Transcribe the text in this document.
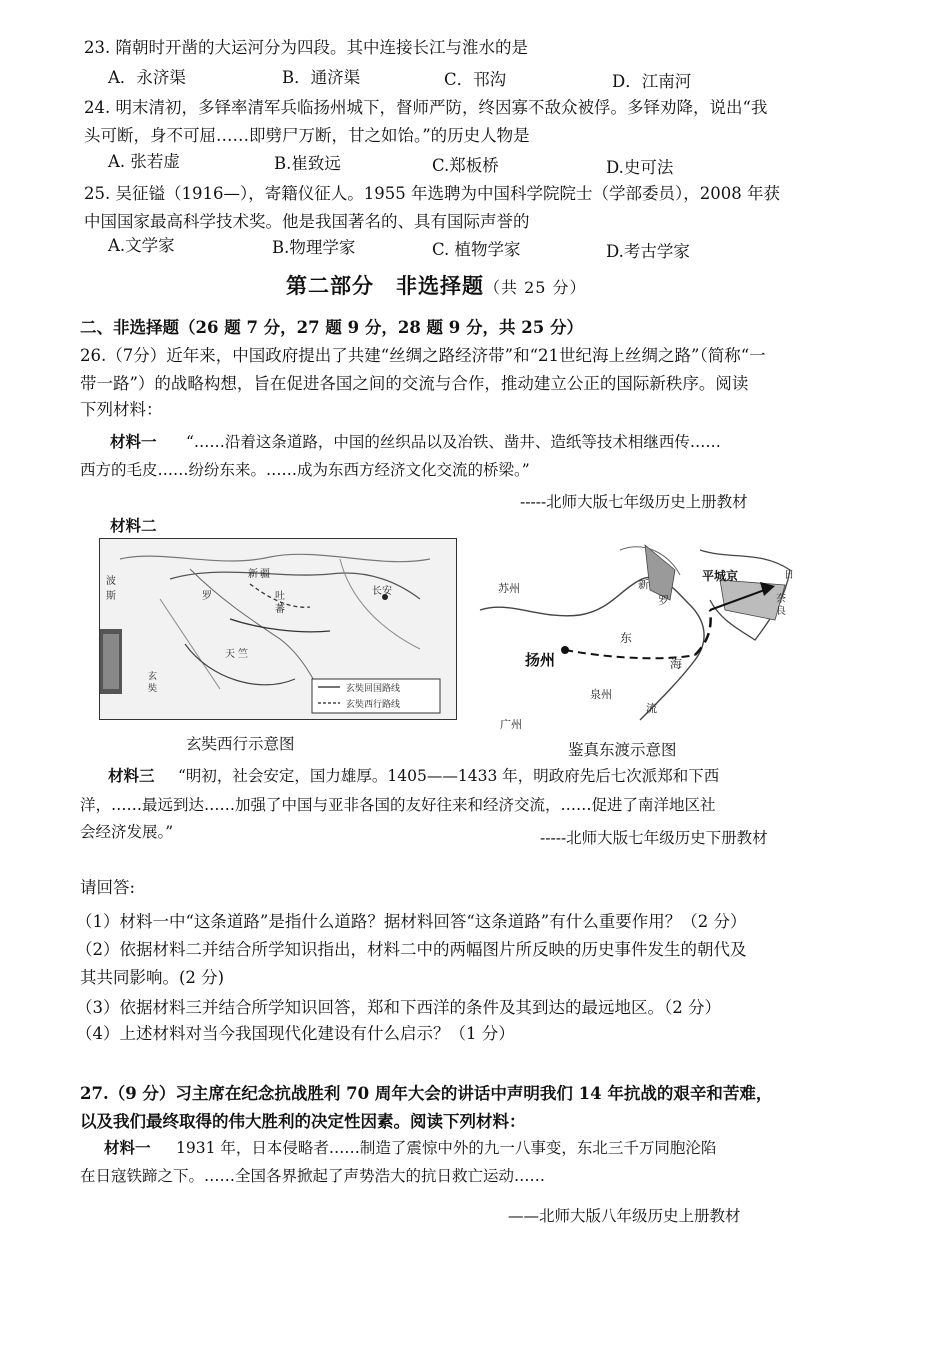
23. 隋朝时开凿的大运河分为四段。其中连接长江与淮水的是
A．永济渠	B．通济渠	C．邗沟	D．江南河
24. 明末清初，多铎率清军兵临扬州城下，督师严防，终因寡不敌众被俘。多铎劝降，说出“我
头可断，身不可屈……即劈尸万断，甘之如饴。”的历史人物是
A. 张若虚	B.崔致远	C.郑板桥	D.史可法
25. 吴征镒（1916—），寄籍仪征人。1955 年选聘为中国科学院院士（学部委员），2008 年获
中国国家最高科学技术奖。他是我国著名的、具有国际声誉的
A.文学家	B.物理学家	C. 植物学家	D.考古学家
第二部分　非选择题（共 25 分）
二、非选择题（26 题 7 分，27 题 9 分，28 题 9 分，共 25 分）
26.（7分）近年来，中国政府提出了共建“丝绸之路经济带”和“21世纪海上丝绸之路”（简称“一
带一路”）的战略构想，旨在促进各国之间的交流与合作，推动建立公正的国际新秩序。阅读
下列材料：
材料一 “……沿着这条道路，中国的丝织品以及冶铁、凿井、造纸等技术相继西传……
西方的毛皮……纷纷东来。……成为东西方经济文化交流的桥梁。”
-----北师大版七年级历史上册教材
材料二
波
斯	吐
蕃
长安
新 疆
罗
天 竺
玄
奘	玄奘回国路线
玄奘西行路线
玄奘西行示意图
苏州
扬州
泉州
广州
新
罗
平城京
奈
良
东
海
流
日
鉴真东渡示意图
材料三 “明初，社会安定，国力雄厚。1405——1433 年，明政府先后七次派郑和下西
洋，……最远到达……加强了中国与亚非各国的友好往来和经济交流，……促进了南洋地区社
会经济发展。”	-----北师大版七年级历史下册教材
请回答:
（1）材料一中“这条道路”是指什么道路？据材料回答“这条道路”有什么重要作用？（2 分）
（2）依据材料二并结合所学知识指出，材料二中的两幅图片所反映的历史事件发生的朝代及
其共同影响。(2 分)
（3）依据材料三并结合所学知识回答，郑和下西洋的条件及其到达的最远地区。（2 分）
（4）上述材料对当今我国现代化建设有什么启示？（1 分）
27.（9 分）习主席在纪念抗战胜利 70 周年大会的讲话中声明我们 14 年抗战的艰辛和苦难，
以及我们最终取得的伟大胜利的决定性因素。阅读下列材料：
材料一 1931 年，日本侵略者……制造了震惊中外的九一八事变，东北三千万同胞沦陷
在日寇铁蹄之下。……全国各界掀起了声势浩大的抗日救亡运动……
——北师大版八年级历史上册教材
